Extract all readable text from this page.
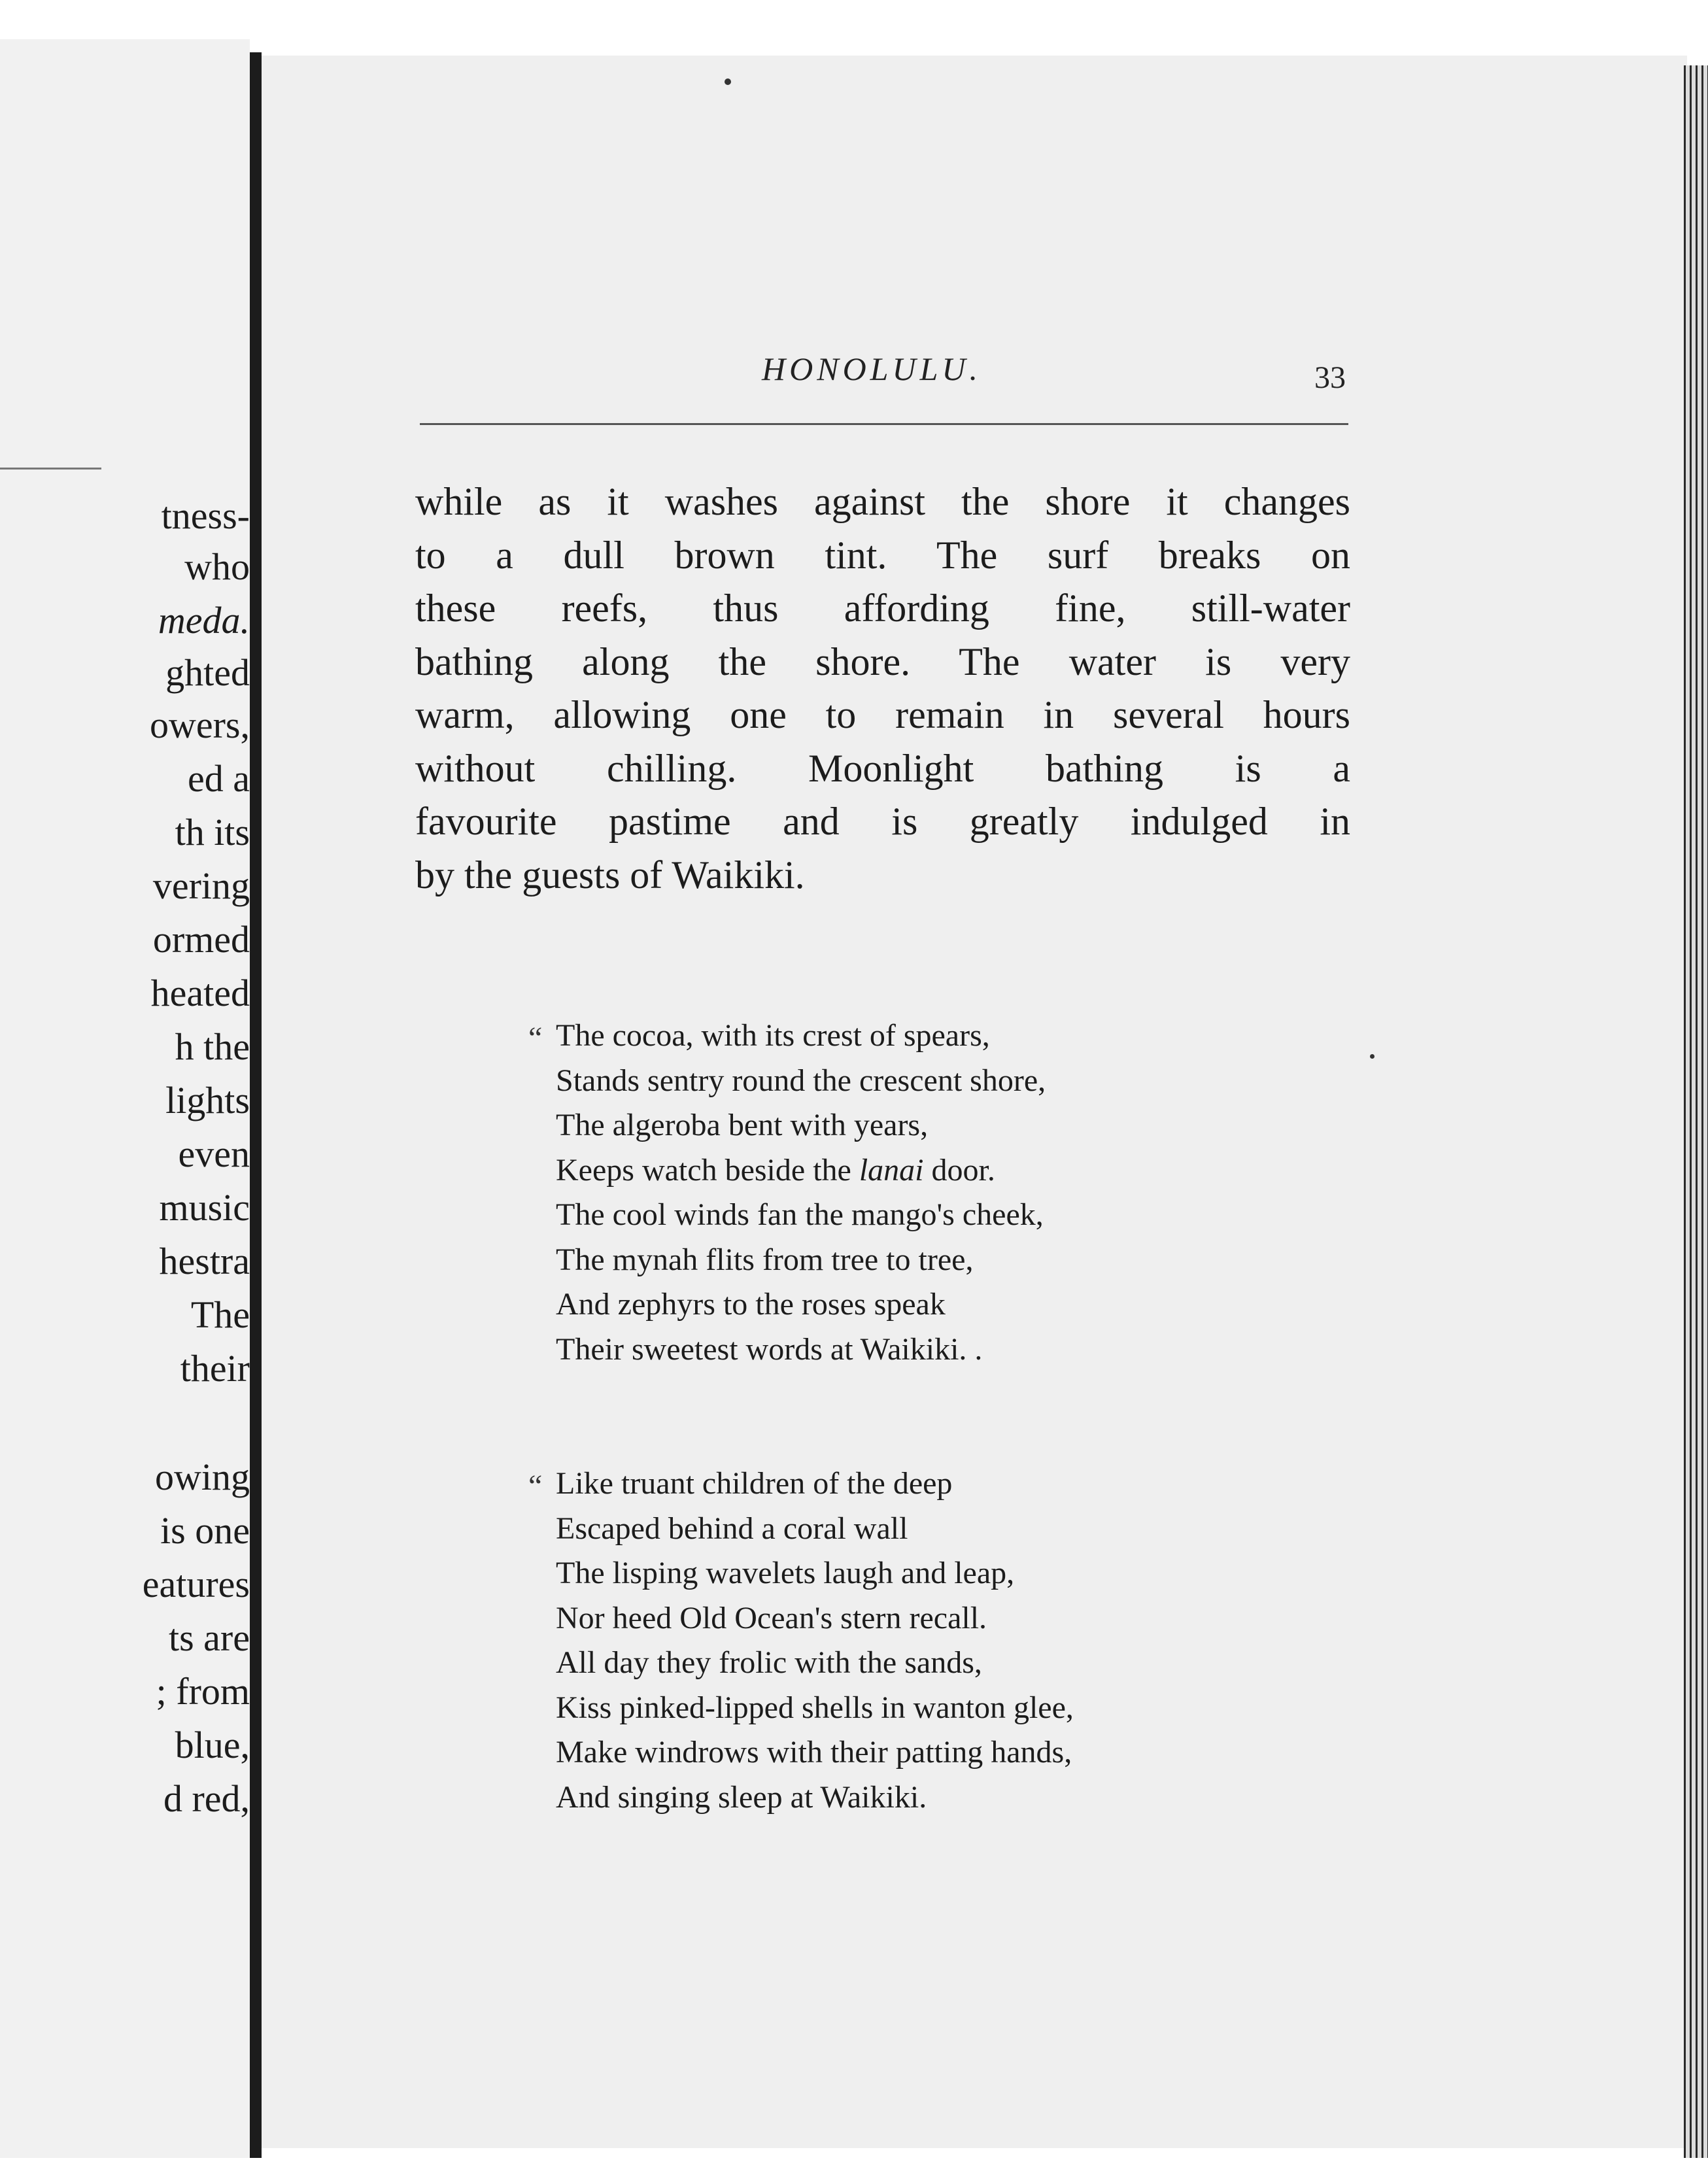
tness-
who
meda.
ghted
owers,
ed a
th its
vering
ormed
heated
h the
lights
even
music
hestra
The
their
owing
is one
eatures
ts are
; from
blue,
d red,
HONOLULU.	33
while as it washes against the shore it changes
to a dull brown tint. The surf breaks on
these reefs, thus affording fine, still-water
bathing along the shore. The water is very
warm, allowing one to remain in several hours
without chilling. Moonlight bathing is a
favourite pastime and is greatly indulged in
by the guests of Waikiki.
“ The cocoa, with its crest of spears,
Stands sentry round the crescent shore,
The algeroba bent with years,
Keeps watch beside the lanai door.
The cool winds fan the mango's cheek,
The mynah flits from tree to tree,
And zephyrs to the roses speak
Their sweetest words at Waikiki. .
“ Like truant children of the deep
Escaped behind a coral wall
The lisping wavelets laugh and leap,
Nor heed Old Ocean's stern recall.
All day they frolic with the sands,
Kiss pinked-lipped shells in wanton glee,
Make windrows with their patting hands,
And singing sleep at Waikiki.
